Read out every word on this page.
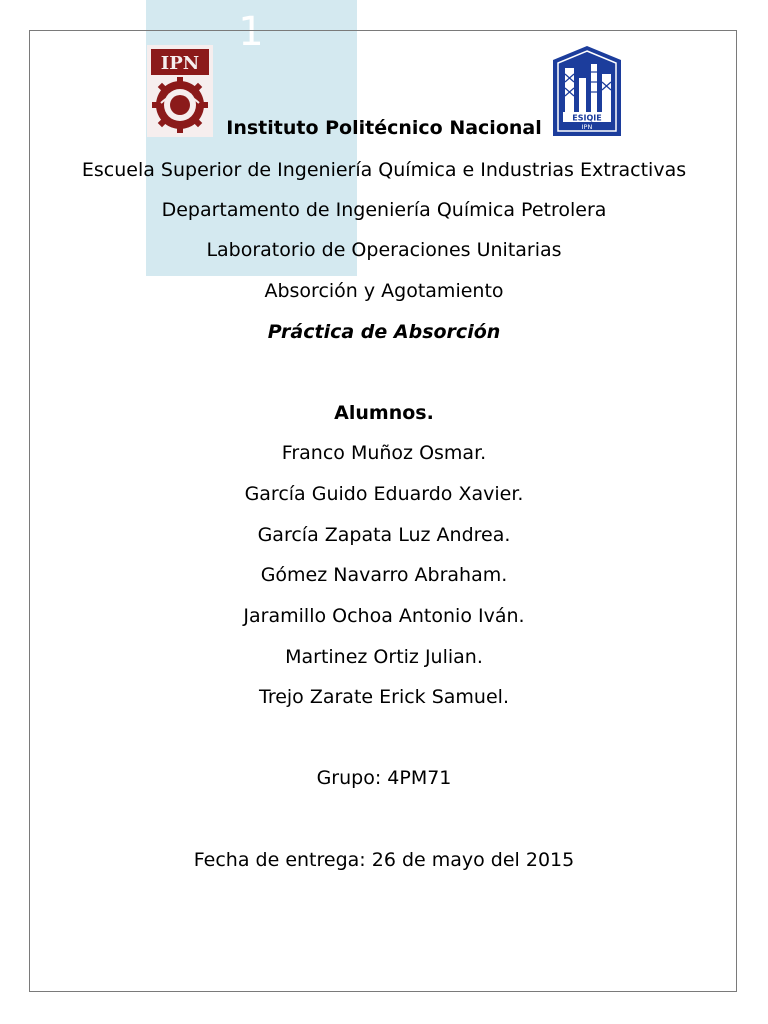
1
IPN
ESIQIE
IPN
Instituto Politécnico Nacional
Escuela Superior de Ingeniería Química e Industrias Extractivas
Departamento de Ingeniería Química Petrolera
Laboratorio de Operaciones Unitarias
Absorción y Agotamiento
Práctica de Absorción
Alumnos.
Franco Muñoz Osmar.
García Guido Eduardo Xavier.
García Zapata Luz Andrea.
Gómez Navarro Abraham.
Jaramillo Ochoa Antonio Iván.
Martinez Ortiz Julian.
Trejo Zarate Erick Samuel.
Grupo: 4PM71
Fecha de entrega: 26 de mayo del 2015
